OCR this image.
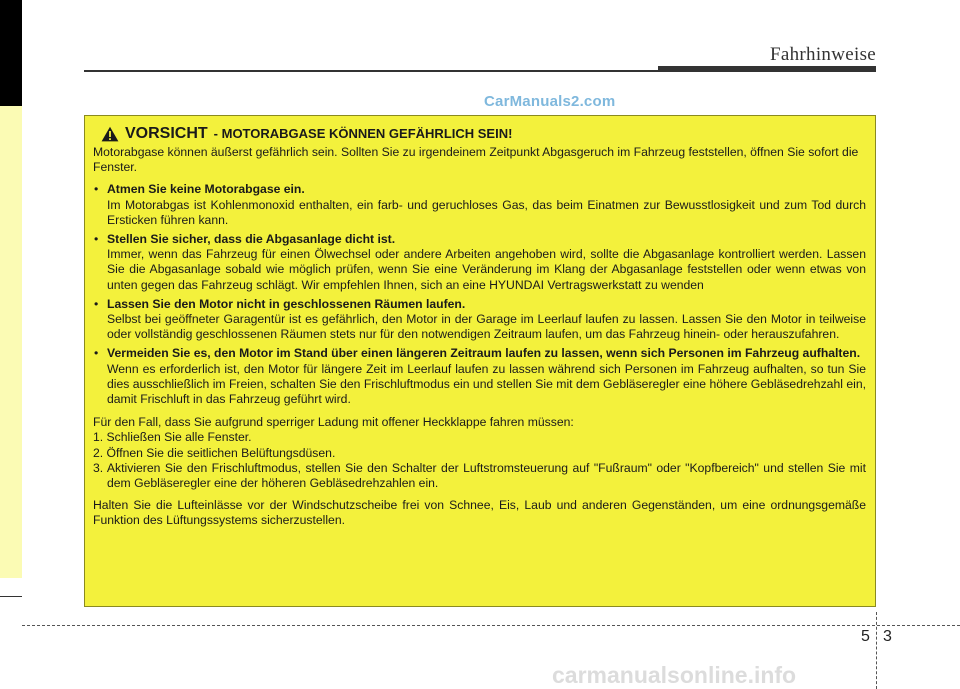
Fahrhinweise
CarManuals2.com
VORSICHT - MOTORABGASE KÖNNEN GEFÄHRLICH SEIN!

Motorabgase können äußerst gefährlich sein. Sollten Sie zu irgendeinem Zeitpunkt Abgasgeruch im Fahrzeug feststellen, öffnen Sie sofort die Fenster.

• Atmen Sie keine Motorabgase ein.

Im Motorabgas ist Kohlenmonoxid enthalten, ein farb- und geruchloses Gas, das beim Einatmen zur Bewusstlosigkeit und zum Tod durch Ersticken führen kann.

• Stellen Sie sicher, dass die Abgasanlage dicht ist.

Immer, wenn das Fahrzeug für einen Ölwechsel oder andere Arbeiten angehoben wird, sollte die Abgasanlage kontrolliert werden. Lassen Sie die Abgasanlage sobald wie möglich prüfen, wenn Sie eine Veränderung im Klang der Abgasanlage feststellen oder wenn etwas von unten gegen das Fahrzeug schlägt. Wir empfehlen Ihnen, sich an eine HYUNDAI Vertragswerkstatt zu wenden

• Lassen Sie den Motor nicht in geschlossenen Räumen laufen.

Selbst bei geöffneter Garagentür ist es gefährlich, den Motor in der Garage im Leerlauf laufen zu lassen. Lassen Sie den Motor in teilweise oder vollständig geschlossenen Räumen stets nur für den notwendigen Zeitraum laufen, um das Fahrzeug hinein- oder herauszufahren.

• Vermeiden Sie es, den Motor im Stand über einen längeren Zeitraum laufen zu lassen, wenn sich Personen im Fahrzeug aufhalten.

Wenn es erforderlich ist, den Motor für längere Zeit im Leerlauf laufen zu lassen während sich Personen im Fahrzeug aufhalten, so tun Sie dies ausschließlich im Freien, schalten Sie den Frischluftmodus ein und stellen Sie mit dem Gebläseregler eine höhere Gebläsedrehzahl ein, damit Frischluft in das Fahrzeug geführt wird.

Für den Fall, dass Sie aufgrund sperriger Ladung mit offener Heckklappe fahren müssen:

1. Schließen Sie alle Fenster.

2. Öffnen Sie die seitlichen Belüftungsdüsen.

3. Aktivieren Sie den Frischluftmodus, stellen Sie den Schalter der Luftstromsteuerung auf "Fußraum" oder "Kopfbereich" und stellen Sie mit dem Gebläseregler eine der höheren Gebläsedrehzahlen ein.

Halten Sie die Lufteinlässe vor der Windschutzscheibe frei von Schnee, Eis, Laub und anderen Gegenständen, um eine ordnungsgemäße Funktion des Lüftungssystems sicherzustellen.

5 3
carmanualsonline.info
